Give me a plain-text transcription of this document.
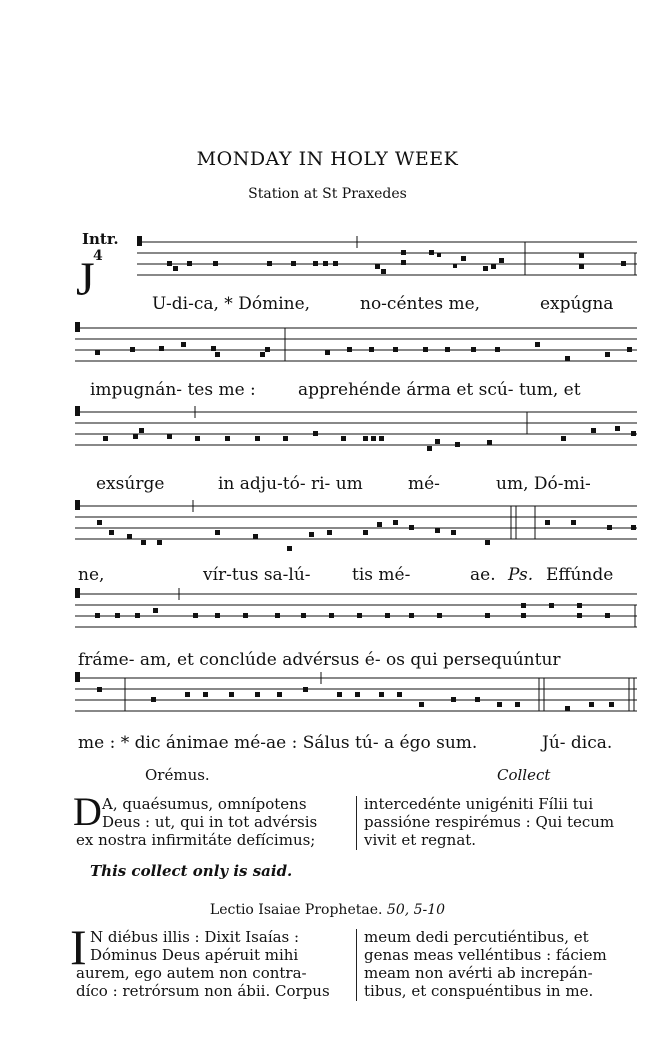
MONDAY IN HOLY WEEK
Station at St Praxedes
Intr.
4
J	U-di-ca, * Dómine,	no-céntes me,	expúgna
impugnán- tes me : apprehénde árma et scú- tum, et
exsúrge	in adju-tó- ri- um	mé-	um, Dó-mi-
ne,	vír-tus sa-lú- tis mé-	ae. Ps. Effúnde
fráme- am, et conclúde advérsus é- os qui persequúntur
me : * dic ánimae mé-ae : Sálus tú- a égo sum.	Jú- dica.
Orémus.	Collect
D A, quaésumus, omnípotens
Deus : ut, qui in tot advérsis
ex nostra infirmitáte defícimus;
intercedénte unigéniti Fílii tui
passióne respirémus : Qui tecum
vivit et regnat.
This collect only is said.
Lectio Isaiae Prophetae. 50, 5-10
I N diébus illis : Dixit Isaías :
Dóminus Deus apéruit mihi
aurem, ego autem non contra-
díco : retrórsum non ábii. Corpus
meum dedi percutiéntibus, et
genas meas velléntibus : fáciem
meam non avérti ab increpán-
tibus, et conspuéntibus in me.
